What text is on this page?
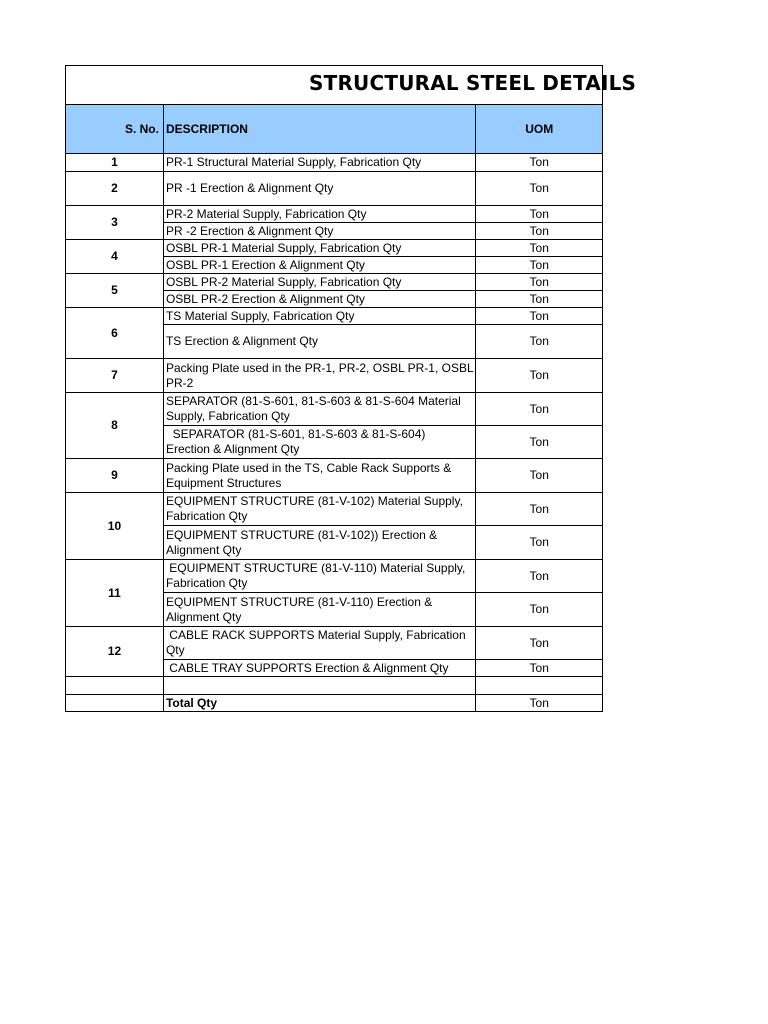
STRUCTURAL STEEL DETAILS
S. No.	DESCRIPTION	UOM
1	PR-1 Structural Material Supply, Fabrication Qty	Ton
2	PR -1 Erection & Alignment Qty	Ton
3	PR-2 Material Supply, Fabrication Qty	Ton
	PR -2 Erection & Alignment Qty	Ton
4	OSBL PR-1 Material Supply, Fabrication Qty	Ton
	OSBL PR-1 Erection & Alignment Qty	Ton
5	OSBL PR-2 Material Supply, Fabrication Qty	Ton
	OSBL PR-2 Erection & Alignment Qty	Ton
6	TS Material Supply, Fabrication Qty	Ton
	TS Erection & Alignment Qty	Ton
7	Packing Plate used in the PR-1, PR-2, OSBL PR-1, OSBL PR-2	Ton
8	SEPARATOR (81-S-601, 81-S-603 & 81-S-604 Material Supply, Fabrication Qty	Ton
	SEPARATOR (81-S-601, 81-S-603 & 81-S-604)  Erection & Alignment Qty	Ton
9	Packing Plate used in the TS, Cable Rack Supports & Equipment Structures	Ton
10	EQUIPMENT STRUCTURE (81-V-102) Material Supply, Fabrication Qty	Ton
	EQUIPMENT STRUCTURE (81-V-102)) Erection & Alignment Qty	Ton
11	EQUIPMENT STRUCTURE (81-V-110) Material Supply, Fabrication Qty	Ton
	EQUIPMENT STRUCTURE (81-V-110) Erection & Alignment Qty	Ton
12	CABLE RACK SUPPORTS Material Supply, Fabrication Qty	Ton
	CABLE TRAY SUPPORTS Erection & Alignment Qty	Ton

	Total Qty	Ton
